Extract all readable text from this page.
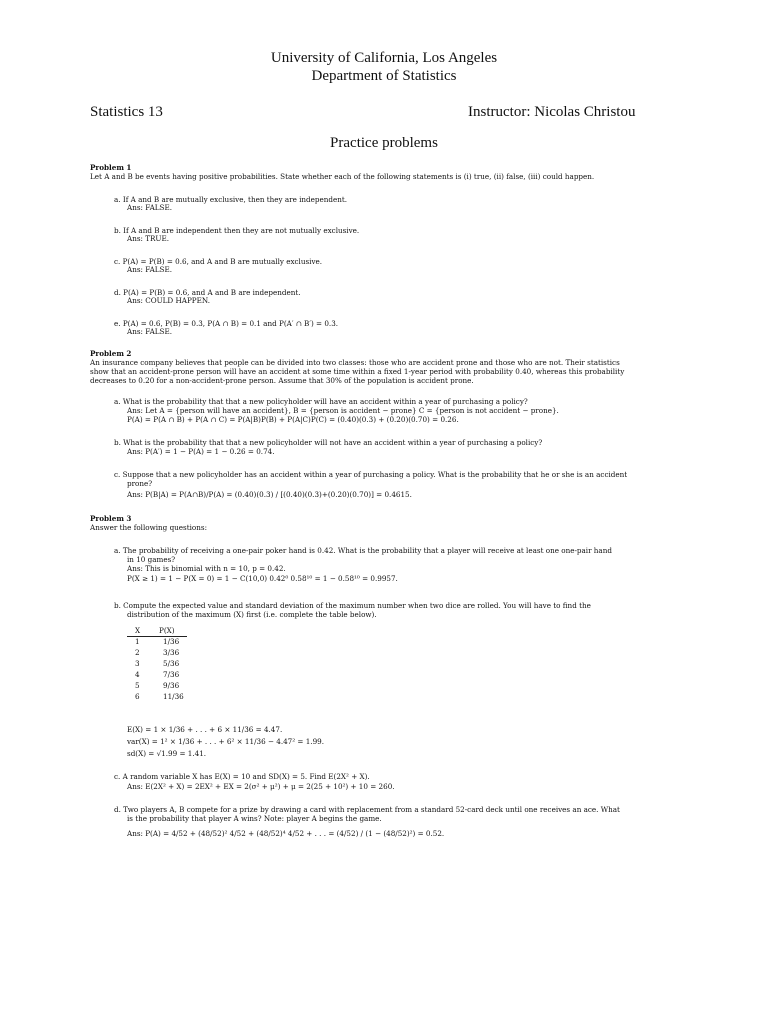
University of California, Los Angeles
Department of Statistics
Statistics 13	Instructor: Nicolas Christou
Practice problems
Problem 1
Let A and B be events having positive probabilities. State whether each of the following statements is (i) true, (ii) false, (iii) could happen.
a. If A and B are mutually exclusive, then they are independent.
Ans: FALSE.
b. If A and B are independent then they are not mutually exclusive.
Ans: TRUE.
c. P(A) = P(B) = 0.6, and A and B are mutually exclusive.
Ans: FALSE.
d. P(A) = P(B) = 0.6, and A and B are independent.
Ans: COULD HAPPEN.
e. P(A) = 0.6, P(B) = 0.3, P(A ∩ B) = 0.1 and P(A′ ∩ B′) = 0.3.
Ans: FALSE.
Problem 2
An insurance company believes that people can be divided into two classes: those who are accident prone and those who are not. Their statistics
show that an accident-prone person will have an accident at some time within a fixed 1-year period with probability 0.40, whereas this probability
decreases to 0.20 for a non-accident-prone person. Assume that 30% of the population is accident prone.
a. What is the probability that that a new policyholder will have an accident within a year of purchasing a policy?
Ans: Let A = {person will have an accident}, B = {person is accident − prone} C = {person is not accident − prone}.
P(A) = P(A ∩ B) + P(A ∩ C) = P(A|B)P(B) + P(A|C)P(C) = (0.40)(0.3) + (0.20)(0.70) = 0.26.
b. What is the probability that that a new policyholder will not have an accident within a year of purchasing a policy?
Ans: P(A′) = 1 − P(A) = 1 − 0.26 = 0.74.
c. Suppose that a new policyholder has an accident within a year of purchasing a policy. What is the probability that he or she is an accident
prone?
Ans: P(B|A) = P(A∩B)/P(A) = (0.40)(0.3) / [(0.40)(0.3)+(0.20)(0.70)] = 0.4615.
Problem 3
Answer the following questions:
a. The probability of receiving a one-pair poker hand is 0.42. What is the probability that a player will receive at least one one-pair hand
in 10 games?
Ans: This is binomial with n = 10, p = 0.42.
P(X ≥ 1) = 1 − P(X = 0) = 1 − C(10,0) 0.42⁰ 0.58¹⁰ = 1 − 0.58¹⁰ = 0.9957.
b. Compute the expected value and standard deviation of the maximum number when two dice are rolled. You will have to find the
distribution of the maximum (X) first (i.e. complete the table below).
X	P(X)
1	1/36
2	3/36
3	5/36
4	7/36
5	9/36
6	11/36
E(X) = 1 × 1/36 + . . . + 6 × 11/36 = 4.47.
var(X) = 1² × 1/36 + . . . + 6² × 11/36 − 4.47² = 1.99.
sd(X) = √1.99 = 1.41.
c. A random variable X has E(X) = 10 and SD(X) = 5. Find E(2X² + X).
Ans: E(2X² + X) = 2EX² + EX = 2(σ² + μ²) + μ = 2(25 + 10²) + 10 = 260.
d. Two players A, B compete for a prize by drawing a card with replacement from a standard 52-card deck until one receives an ace. What
is the probability that player A wins? Note: player A begins the game.
Ans: P(A) = 4/52 + (48/52)² 4/52 + (48/52)⁴ 4/52 + . . . = (4/52) / (1 − (48/52)²) = 0.52.
